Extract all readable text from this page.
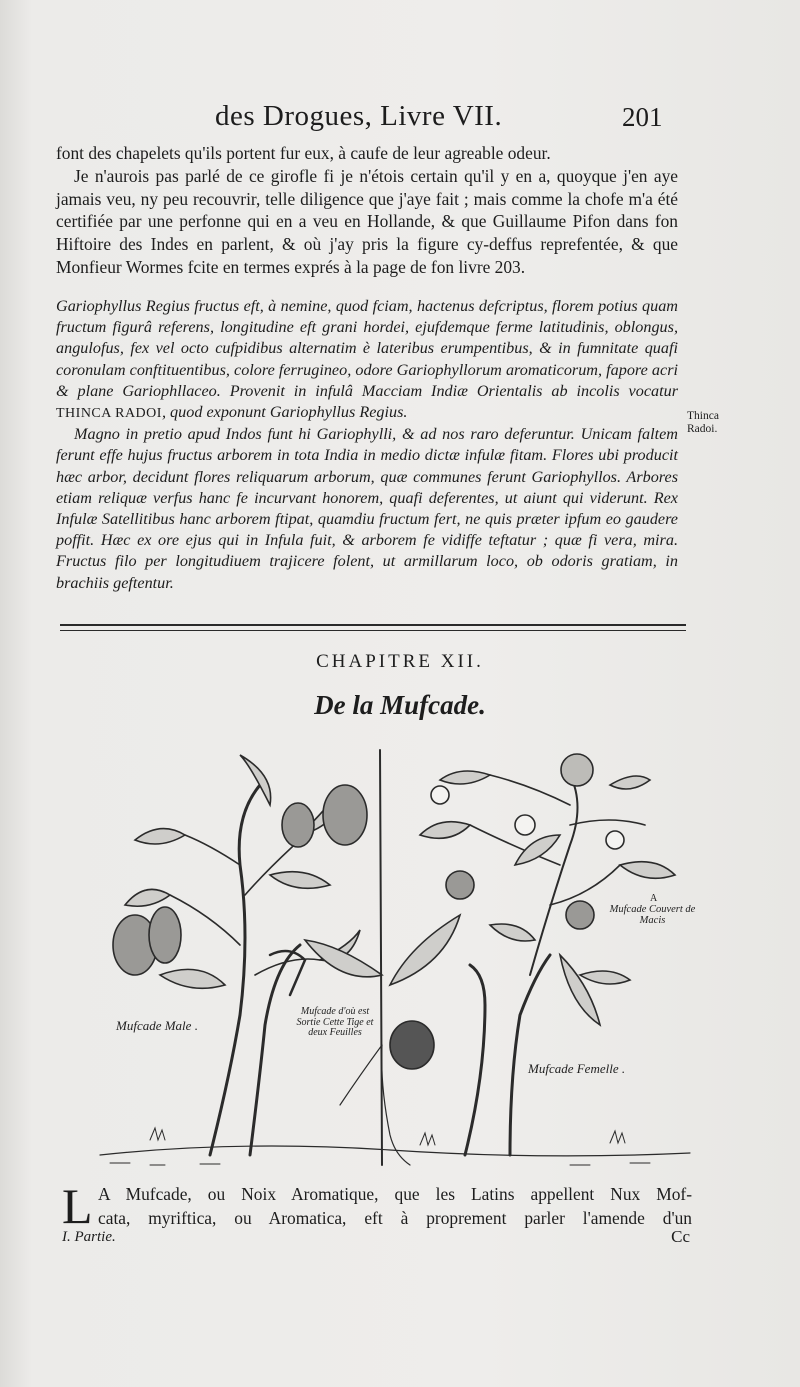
des Drogues, Livre VII.	201

font des chapelets qu'ils portent fur eux, à caufe de leur agreable odeur.

Je n'aurois pas parlé de ce girofle fi je n'étois certain qu'il y en a, quoyque j'en aye jamais veu, ny peu recouvrir, telle diligence que j'aye fait ; mais comme la chofe m'a été certifiée par une perfonne qui en a veu en Hollande, & que Guillaume Pifon dans fon Hiftoire des Indes en parlent, & où j'ay pris la figure cy-deffus reprefentée, & que Monfieur Wormes fcite en termes exprés à la page de fon livre 203.

Gariophyllus Regius fructus eft, à nemine, quod fciam, hactenus defcriptus, florem potius quam fructum figurâ referens, longitudine eft grani hordei, ejufdemque ferme latitudinis, oblongus, angulofus, fex vel octo cufpidibus alternatim è lateribus erumpentibus, & in fumnitate quafi coronulam conftituentibus, colore ferrugineo, odore Gariophyllorum aromaticorum, fapore acri & plane Gariophllaceo. Provenit in infulâ Macciam Indiæ Orientalis ab incolis vocatur THINCA RADOI, quod exponunt Gariophyllus Regius.

Magno in pretio apud Indos funt hi Gariophylli, & ad nos raro deferuntur. Unicam faltem ferunt effe hujus fructus arborem in tota India in medio dictæ infulæ fitam. Flores ubi producit hæc arbor, decidunt flores reliquarum arborum, quæ communes ferunt Gariophyllos. Arbores etiam reliquæ verfus hanc fe incurvant honorem, quafi deferentes, ut aiunt qui viderunt. Rex Infulæ Satellitibus hanc arborem ftipat, quamdiu fructum fert, ne quis præter ipfum eo gaudere poffit. Hæc ex ore ejus qui in Infula fuit, & arborem fe vidiffe teftatur ; quæ fi vera, mira. Fructus filo per longitudiuem trajicere folent, ut armillarum loco, ob odoris gratiam, in brachiis geftentur.

Thinca Radoi.
CHAPITRE XII.
De la Mufcade.
Mufcade Male .
Mufcade d'où est Sortie Cette Tige et deux Feuilles
Mufcade Femelle .
A
Mufcade Couvert de Macis
L A Mufcade, ou Noix Aromatique, que les Latins appellent Nux Mof-
cata, myriftica, ou Aromatica, eft à proprement parler l'amende d'un
I. Partie.	Cc
